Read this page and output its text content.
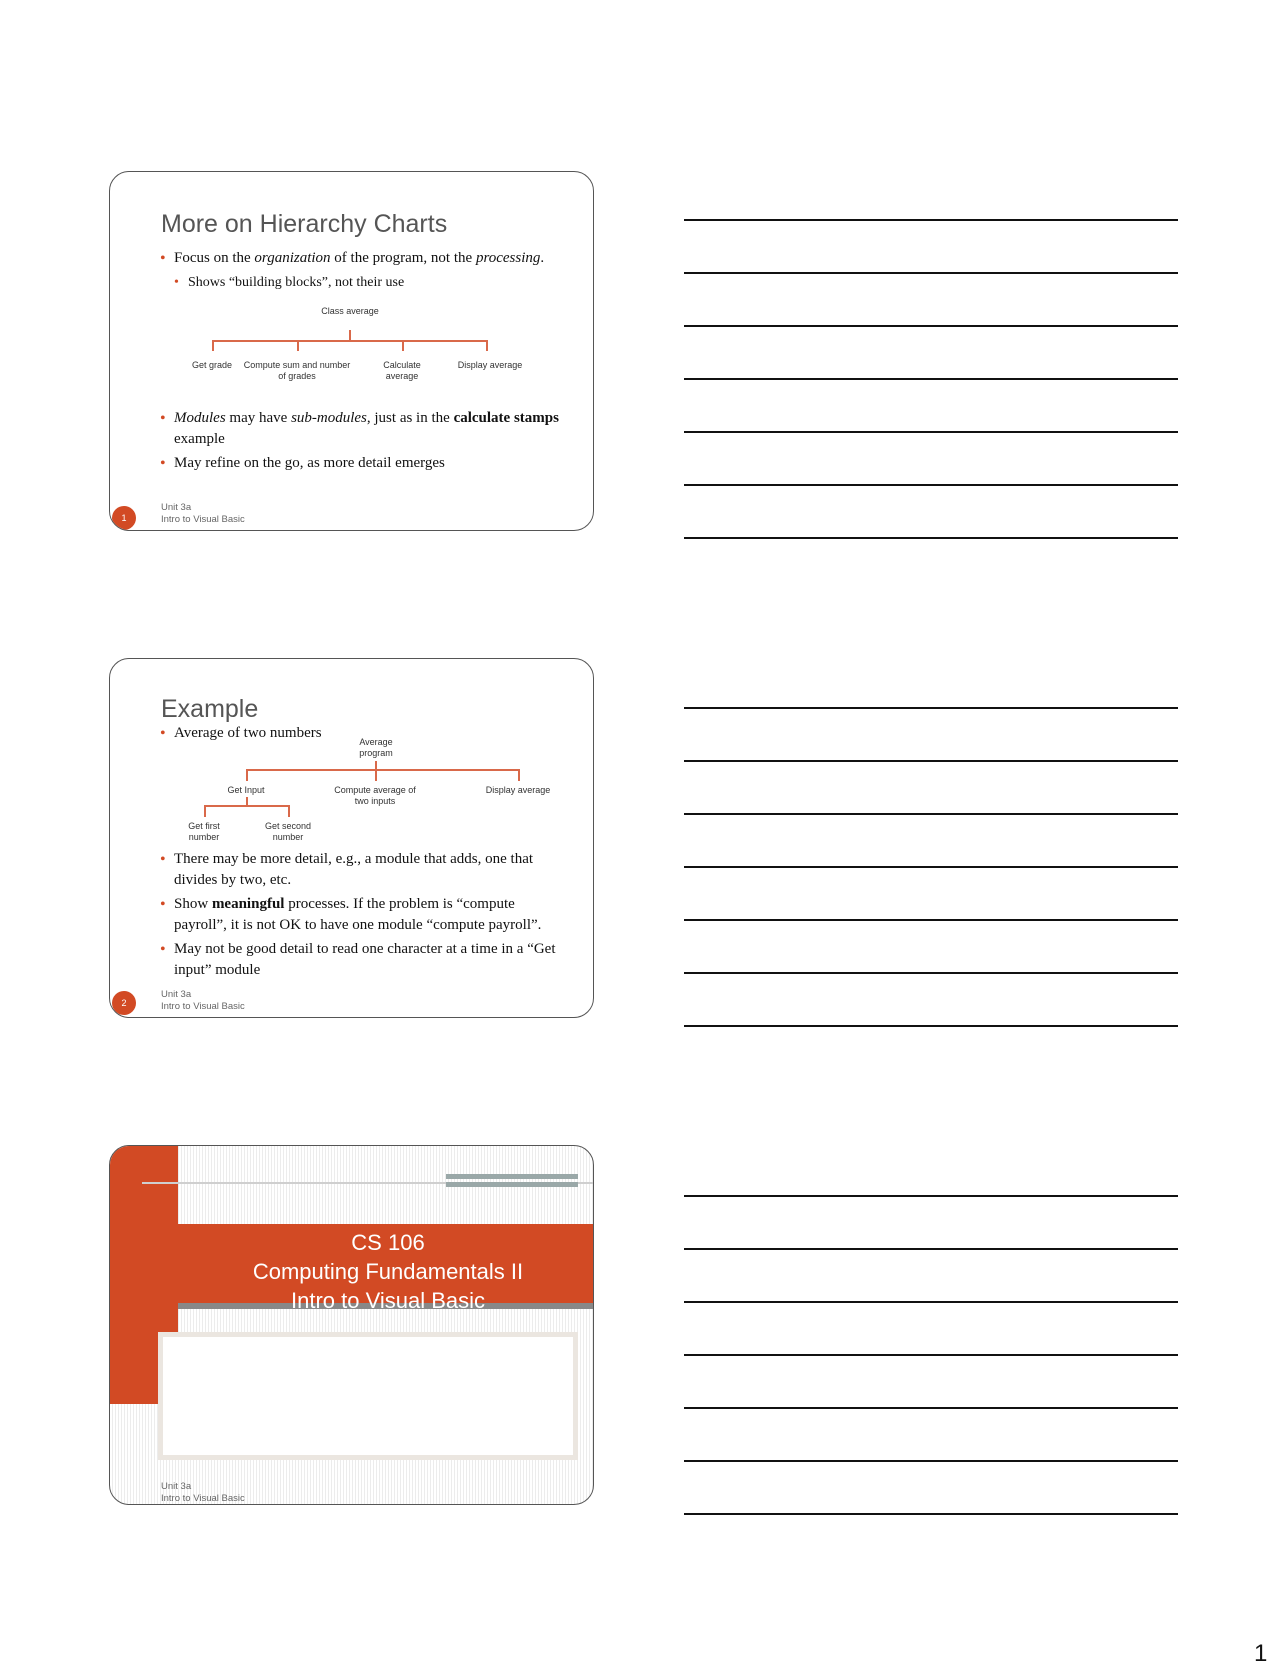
More on Hierarchy Charts
• Focus on the organization of the program, not the processing.
• Shows “building blocks”, not their use
Class average
Get grade	Compute sum and number of grades
Calculate average
Display average
• Modules may have sub-modules, just as in the calculate stamps example
• May refine on the go, as more detail emerges
1
Unit 3a
Intro to Visual Basic
Example
• Average of two numbers
Average program
Get Input	Compute average of two inputs
Display average
Get first number
Get second number
• There may be more detail, e.g., a module that adds, one that divides by two, etc.
• Show meaningful processes. If the problem is “compute payroll”, it is not OK to have one module “compute payroll”.
• May not be good detail to read one character at a time in a “Get input” module
2
Unit 3a
Intro to Visual Basic
CS 106
Computing Fundamentals II
Intro to Visual Basic
Unit 3a
Intro to Visual Basic
1
